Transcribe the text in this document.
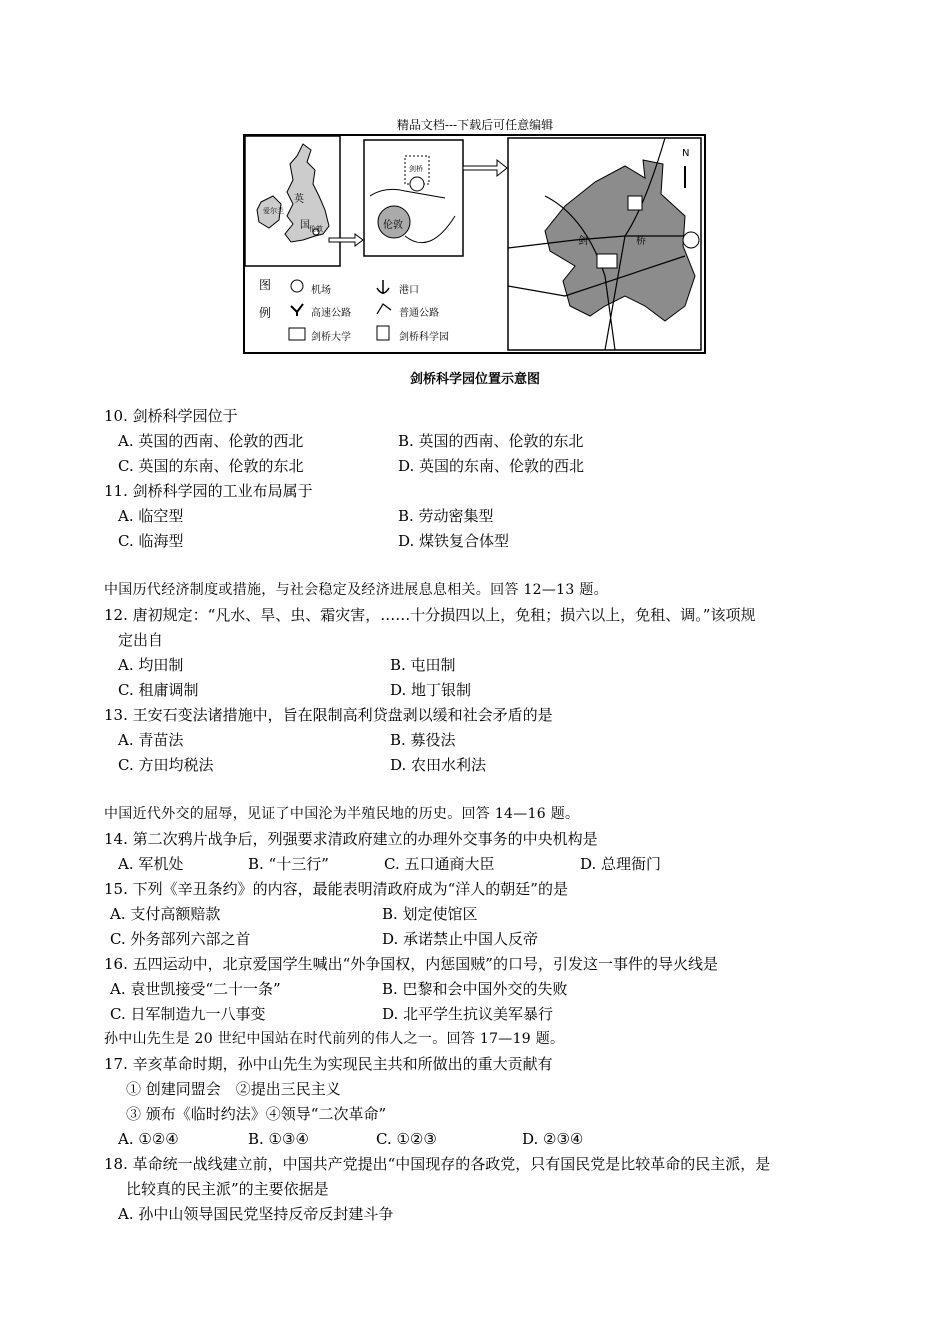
精品文档---下载后可任意编辑
英
国
爱尔兰
伦敦	伦敦
剑桥
N
剑	桥
图
例
机场
高速公路
剑桥大学
港口
普通公路
剑桥科学园
剑桥科学园位置示意图
10. 剑桥科学园位于
A. 英国的西南、伦敦的西北	B. 英国的西南、伦敦的东北
C. 英国的东南、伦敦的东北	D. 英国的东南、伦敦的西北
11. 剑桥科学园的工业布局属于
A. 临空型	B. 劳动密集型
C. 临海型	D. 煤铁复合体型
中国历代经济制度或措施，与社会稳定及经济进展息息相关。回答 12—13 题。
12. 唐初规定：“凡水、旱、虫、霜灾害，……十分损四以上，免租；损六以上，免租、调。”该项规
定出自
A. 均田制	B. 屯田制
C. 租庸调制	D. 地丁银制
13. 王安石变法诸措施中，旨在限制高利贷盘剥以缓和社会矛盾的是
A. 青苗法	B. 募役法
C. 方田均税法	D. 农田水利法
中国近代外交的屈辱，见证了中国沦为半殖民地的历史。回答 14—16 题。
14. 第二次鸦片战争后，列强要求清政府建立的办理外交事务的中央机构是
A. 军机处	B. “十三行”	C. 五口通商大臣	D. 总理衙门
15. 下列《辛丑条约》的内容，最能表明清政府成为“洋人的朝廷”的是
A. 支付高额赔款	B. 划定使馆区
C. 外务部列六部之首	D. 承诺禁止中国人反帝
16. 五四运动中，北京爱国学生喊出“外争国权，内惩国贼”的口号，引发这一事件的导火线是
A. 袁世凯接受“二十一条”	B. 巴黎和会中国外交的失败
C. 日军制造九一八事变	D. 北平学生抗议美军暴行
孙中山先生是 20 世纪中国站在时代前列的伟人之一。回答 17—19 题。
17. 辛亥革命时期，孙中山先生为实现民主共和所做出的重大贡献有
① 创建同盟会　②提出三民主义
③ 颁布《临时约法》④领导“二次革命”
A. ①②④	B. ①③④	C. ①②③	D. ②③④
18. 革命统一战线建立前，中国共产党提出“中国现存的各政党，只有国民党是比较革命的民主派，是
比较真的民主派”的主要依据是
A. 孙中山领导国民党坚持反帝反封建斗争
